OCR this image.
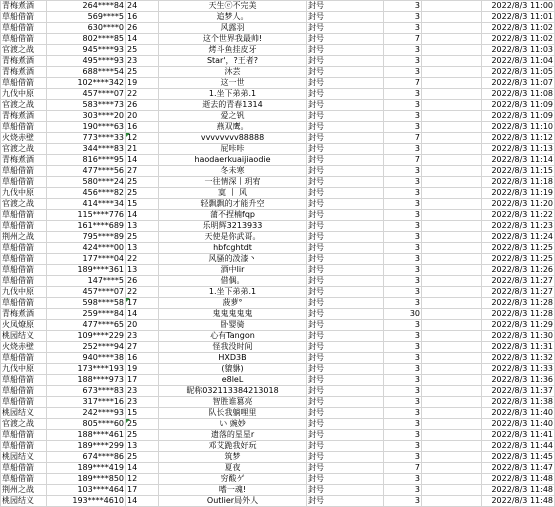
青梅煮酒	264****84	24	天生ⓔ不完美	封号	3		2022/8/3 11:00
草船借箭	569****5	16	追梦人。	封号	3		2022/8/3 11:01
草船借箭	630****0	26	风露羽	封号	3		2022/8/3 11:02
草船借箭	802****85	14	这个世界我最帅!	封号	7		2022/8/3 11:02
官渡之战	945****93	25	烤斗鱼挂皮牙	封号	3		2022/8/3 11:03
青梅煮酒	495****93	23	Star'，?王者?	封号	3		2022/8/3 11:04
青梅煮酒	688****54	25	沐芸	封号	3		2022/8/3 11:05
草船借箭	102****342	19	这一世	封号	7		2022/8/3 11:07
九伐中原	457****07	22	1.坐下弟弟.1	封号	3		2022/8/3 11:08
官渡之战	583****73	26	逝去的青春1314	封号	3		2022/8/3 11:09
青梅煮酒	303****20	20	爱之钒	封号	3		2022/8/3 11:09
草船借箭	190****63	16	燕双鹰。	封号	3		2022/8/3 11:10
火烧赤壁	773****33	12	vvvvvvvv88888	封号	7		2022/8/3 11:12
官渡之战	344****83	21	屁咔咔	封号	3		2022/8/3 11:13
青梅煮酒	816****95	14	haodaerkuaijiaodie	封号	7		2022/8/3 11:14
草船借箭	477****56	27	冬未寒	封号	3		2022/8/3 11:15
草船借箭	580****24	25	一往情深丨玥宥	封号	3		2022/8/3 11:18
九伐中原	456****82	25	寞 丨 风	封号	3		2022/8/3 11:19
官渡之战	414****34	15	轻飘飘的才能升空	封号	3		2022/8/3 11:20
草船借箭	115****776	14	蒲不捏楠fqp	封号	3		2022/8/3 11:22
草船借箭	161****689	13	乐明辉3213933	封号	3		2022/8/3 11:23
荆州之战	795****89	25	天使是你武哥。	封号	3		2022/8/3 11:24
草船借箭	424****00	13	hbfcghtdt	封号	3		2022/8/3 11:25
草船借箭	177****04	22	风骚的泼漆丶	封号	3		2022/8/3 11:25
草船借箭	189****361	13	酒中lir	封号	3		2022/8/3 11:26
草船借箭	147****5	26	借偶。	封号	3		2022/8/3 11:27
九伐中原	457****07	22	1.坐下弟弟.1	封号	3		2022/8/3 11:27
草船借箭	598****58	17	菠萝°	封号	3		2022/8/3 11:28
青梅煮酒	259****84	14	鬼鬼鬼鬼鬼	封号	30		2022/8/3 11:28
火凤燎原	477****65	20	卧婴骑	封号	3		2022/8/3 11:29
桃园结义	109****229	23	心有Tangon	封号	3		2022/8/3 11:30
火烧赤壁	252****94	27	怪我没时间	封号	3		2022/8/3 11:31
草船借箭	940****38	16	HXD3B	封号	3		2022/8/3 11:32
九伐中原	173****193	19	(貔貅)	封号	3		2022/8/3 11:33
草船借箭	188****973	17	e8leL	封号	3		2022/8/3 11:36
草船借箭	673****83	23	昵称032113384213018	封号	3		2022/8/3 11:37
草船借箭	317****16	23	智胜谁篡亮	封号	3		2022/8/3 11:38
桃园结义	242****93	15	队长我躺哩里	封号	3		2022/8/3 11:40
官渡之战	805****60	25	い 豌妙	封号	3		2022/8/3 11:40
草船借箭	188****461	25	遗落的星星r	封号	3		2022/8/3 11:41
草船借箭	189****299	13	邓艾跪我好玩	封号	3		2022/8/3 11:44
桃园结义	674****86	25	筑梦	封号	3		2022/8/3 11:45
草船借箭	189****419	14	夏夜	封号	7		2022/8/3 11:47
草船借箭	189****850	12	穷酸ゲ	封号	3		2022/8/3 11:48
荆州之战	103****464	17	嗜一魂!	封号	3		2022/8/3 11:48
桃园结义	193****4610	14	Outlier局外人	封号	3		2022/8/3 11:48
